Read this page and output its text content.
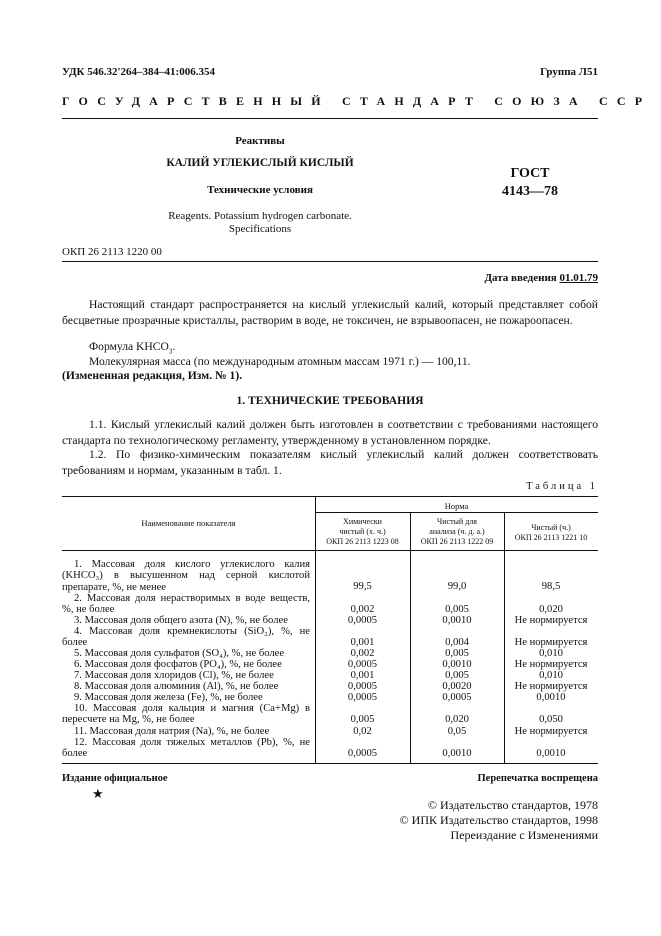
УДК 546.32'264–384–41:006.354	Группа Л51
ГОСУДАРСТВЕННЫЙ СТАНДАРТ СОЮЗА ССР
Реактивы
КАЛИЙ УГЛЕКИСЛЫЙ КИСЛЫЙ
Технические условия
Reagents. Potassium hydrogen carbonate.
Specifications
ГОСТ
4143—78
ОКП 26 2113 1220 00
Дата введения 01.01.79
Настоящий стандарт распространяется на кислый углекислый калий, который представляет собой бесцветные прозрачные кристаллы, растворим в воде, не токсичен, не взрывоопасен, не пожароопасен.
Формула $KHCO_3$.
Молекулярная масса (по международным атомным массам 1971 г.) — 100,11.
(Измененная редакция, Изм. № 1).
1. ТЕХНИЧЕСКИЕ ТРЕБОВАНИЯ
1.1. Кислый углекислый калий должен быть изготовлен в соответствии с требованиями настоящего стандарта по технологическому регламенту, утвержденному в установленном порядке.
1.2. По физико-химическим показателям кислый углекислый калий должен соответствовать требованиям и нормам, указанным в табл. 1.
Таблица 1
Наименование показателя
Норма
Химически
чистый (х. ч.)
ОКП 26 2113 1223 08
Чистый для
анализа (ч. д. а.)
ОКП 26 2113 1222 09
Чистый (ч.)
ОКП 26 2113 1221 10
1. Массовая доля кислого углекислого калия (KHCO₃) в высушенном над серной кислотой препарате, %, не менее	99,5	99,0	98,5
2. Массовая доля нерастворимых в воде веществ, %, не более	0,002	0,005	0,020
3. Массовая доля общего азота (N), %, не более	0,0005	0,0010	Не нормируется
4. Массовая доля кремнекислоты (SiO₂), %, не более	0,001	0,004	Не нормируется
5. Массовая доля сульфатов (SO₄), %, не более	0,002	0,005	0,010
6. Массовая доля фосфатов (PO₄), %, не более	0,0005	0,0010	Не нормируется
7. Массовая доля хлоридов (Cl), %, не более	0,001	0,005	0,010
8. Массовая доля алюминия (Al), %, не более	0,0005	0,0020	Не нормируется
9. Массовая доля железа (Fe), %, не более	0,0005	0,0005	0,0010
10. Массовая доля кальция и магния (Ca+Mg) в пересчете на Mg, %, не более	0,005	0,020	0,050
11. Массовая доля натрия (Na), %, не более	0,02	0,05	Не нормируется
12. Массовая доля тяжелых металлов (Pb), %, не более	0,0005	0,0010	0,0010
Издание официальное	Перепечатка воспрещена
★
© Издательство стандартов, 1978
© ИПК Издательство стандартов, 1998
Переиздание с Изменениями
